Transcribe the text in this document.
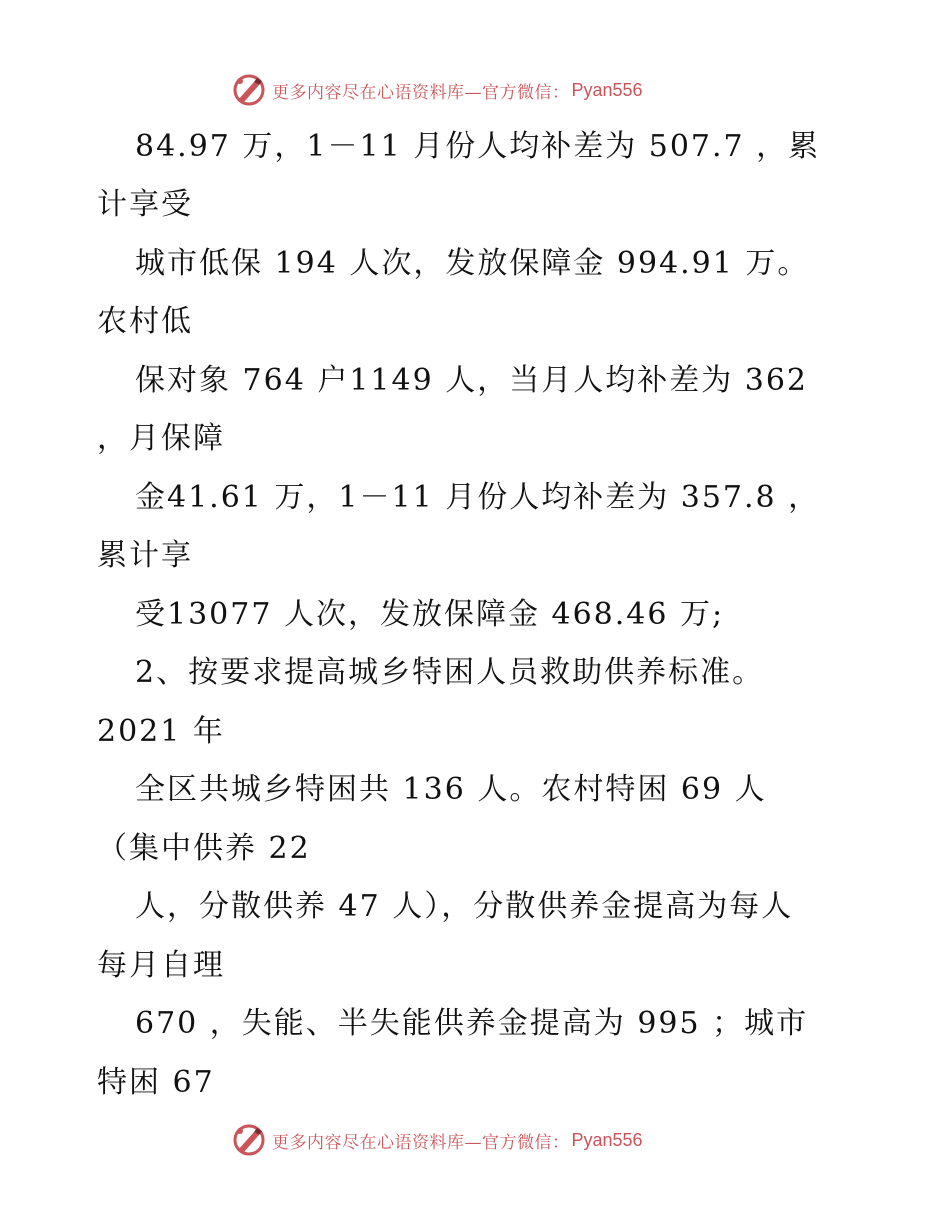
更多内容尽在心语资料库—官方微信： Pyan556
84.97 万，1－11 月份人均补差为 507.7 ，累
计享受
城市低保 194 人次，发放保障金 994.91 万。
农村低
保对象 764 户1149 人，当月人均补差为 362
，月保障
金41.61 万，1－11 月份人均补差为 357.8 ，
累计享
受13077 人次，发放保障金 468.46 万;
2、按要求提高城乡特困人员救助供养标准。
2021 年
全区共城乡特困共 136 人。农村特困 69 人
（集中供养 22
人，分散供养 47 人），分散供养金提高为每人
每月自理
670 ，失能、半失能供养金提高为 995 ；城市
特困 67
更多内容尽在心语资料库—官方微信： Pyan556
